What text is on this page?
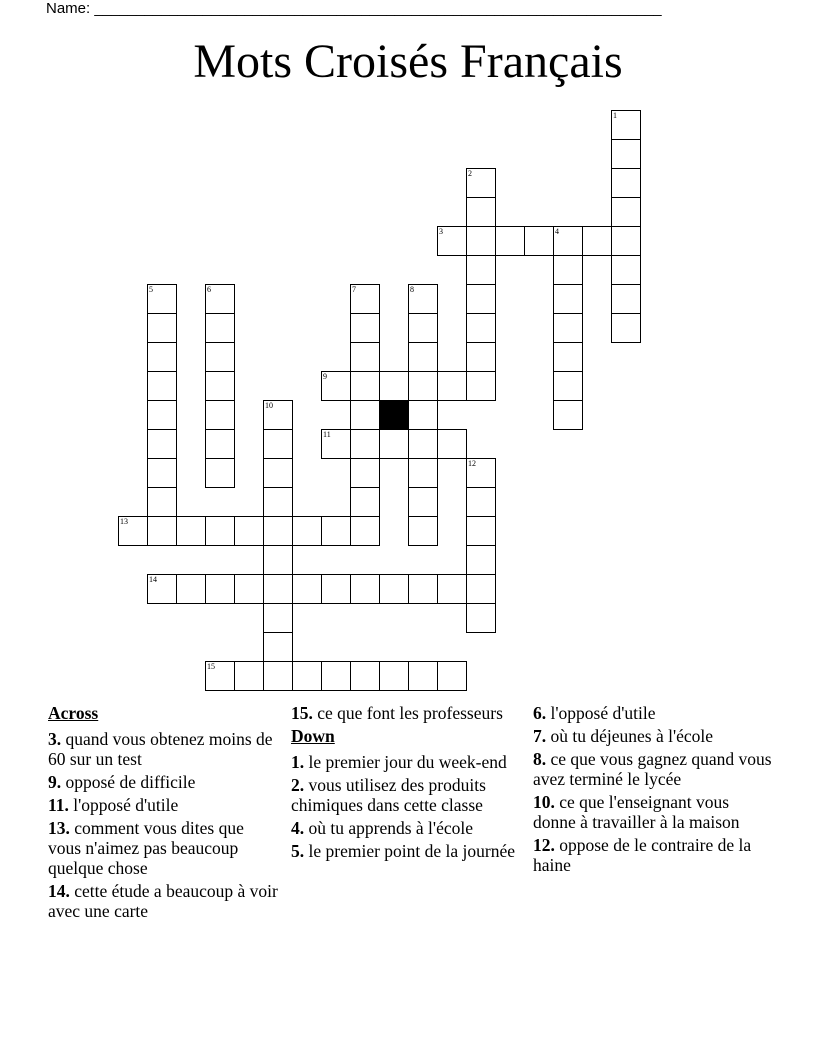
Name: ____________________________________________________________________
Mots Croisés Français
1
2
4
5	6	7	8
10
12
3
9
11
13
14
15
Across
3. quand vous obtenez moins de 60 sur un test
9. opposé de difficile
11. l'opposé d'utile
13. comment vous dites que vous n'aimez pas beaucoup quelque chose
14. cette étude a beaucoup à voir avec une carte
15. ce que font les professeurs
Down
1. le premier jour du week-end
2. vous utilisez des produits chimiques dans cette classe
4. où tu apprends à l'école
5. le premier point de la journée
6. l'opposé d'utile
7. où tu déjeunes à l'école
8. ce que vous gagnez quand vous avez terminé le lycée
10. ce que l'enseignant vous donne à travailler à la maison
12. oppose de le contraire de la haine
